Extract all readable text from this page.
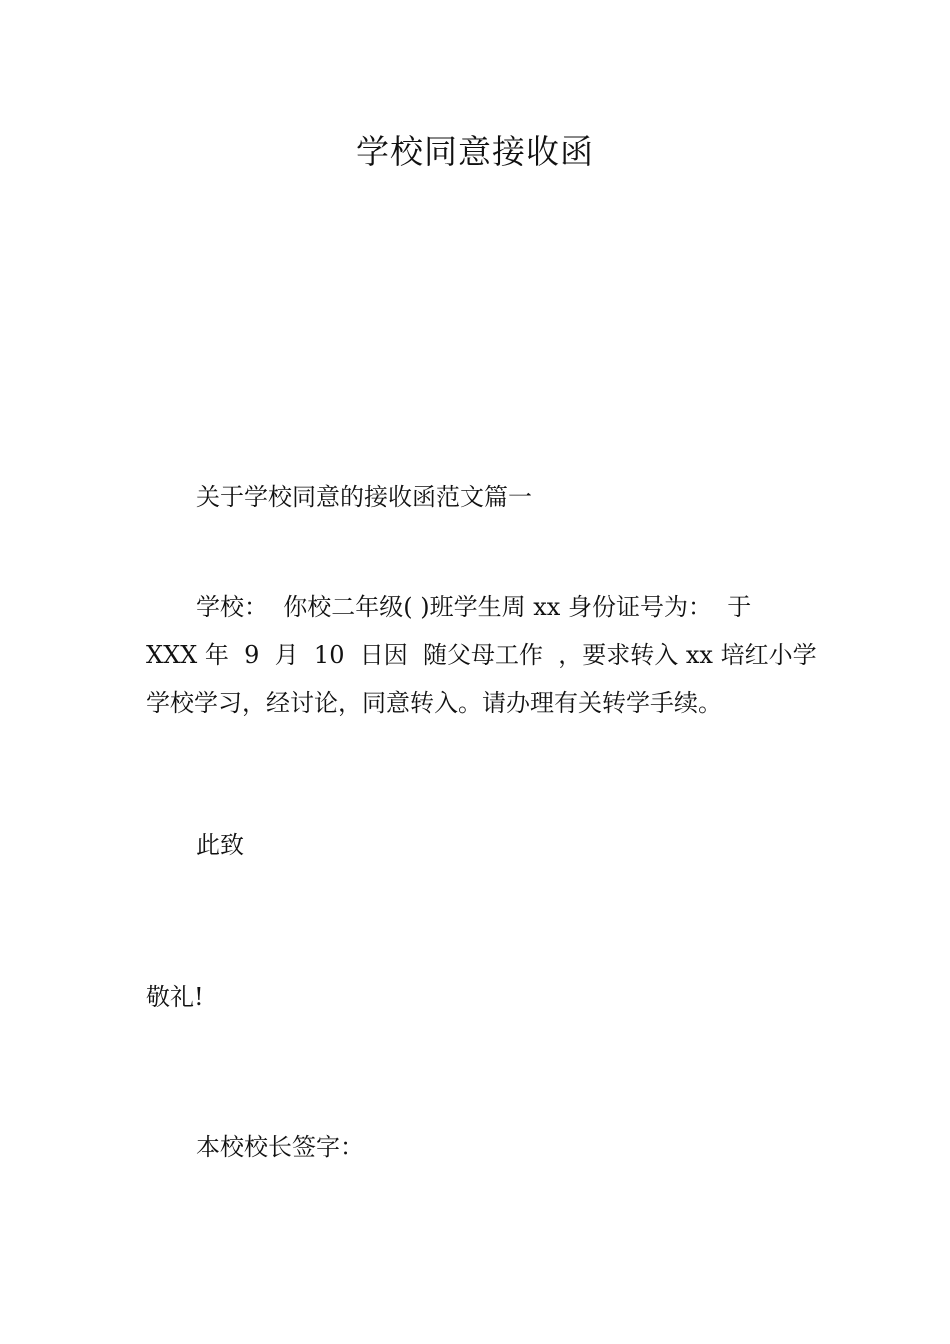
学校同意接收函

关于学校同意的接收函范文篇一

学校：  你校二年级( )班学生周 xx 身份证号为：  于
XXX 年  9  月  10  日因  随父母工作  ，要求转入 xx 培红小学
学校学习，经讨论，同意转入。请办理有关转学手续。

此致

敬礼!

本校校长签字：
